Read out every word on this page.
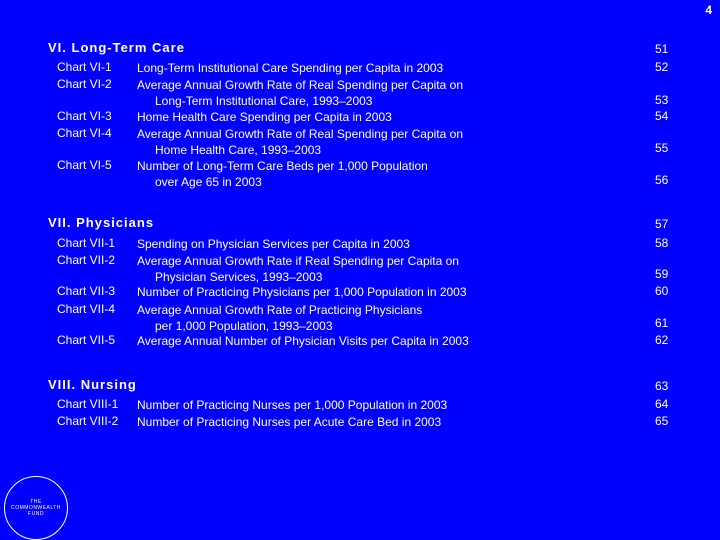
4
VI. Long-Term Care	51
Chart VI-1 Long-Term Institutional Care Spending per Capita in 2003	52
Chart VI-2 Average Annual Growth Rate of Real Spending per Capita on
Long-Term Institutional Care, 1993–2003	53
Chart VI-3 Home Health Care Spending per Capita in 2003	54
Chart VI-4 Average Annual Growth Rate of Real Spending per Capita on
Home Health Care, 1993–2003	55
Chart VI-5 Number of Long-Term Care Beds per 1,000 Population
over Age 65 in 2003	56
VII. Physicians	57
Chart VII-1 Spending on Physician Services per Capita in 2003	58
Chart VII-2 Average Annual Growth Rate if Real Spending per Capita on
Physician Services, 1993–2003	59
Chart VII-3 Number of Practicing Physicians per 1,000 Population in 2003	60
Chart VII-4 Average Annual Growth Rate of Practicing Physicians
per 1,000 Population, 1993–2003	61
Chart VII-5 Average Annual Number of Physician Visits per Capita in 2003	62
VIII. Nursing	63
Chart VIII-1 Number of Practicing Nurses per 1,000 Population in 2003	64
Chart VIII-2 Number of Practicing Nurses per Acute Care Bed in 2003	65
THE
COMMONWEALTH
FUND
